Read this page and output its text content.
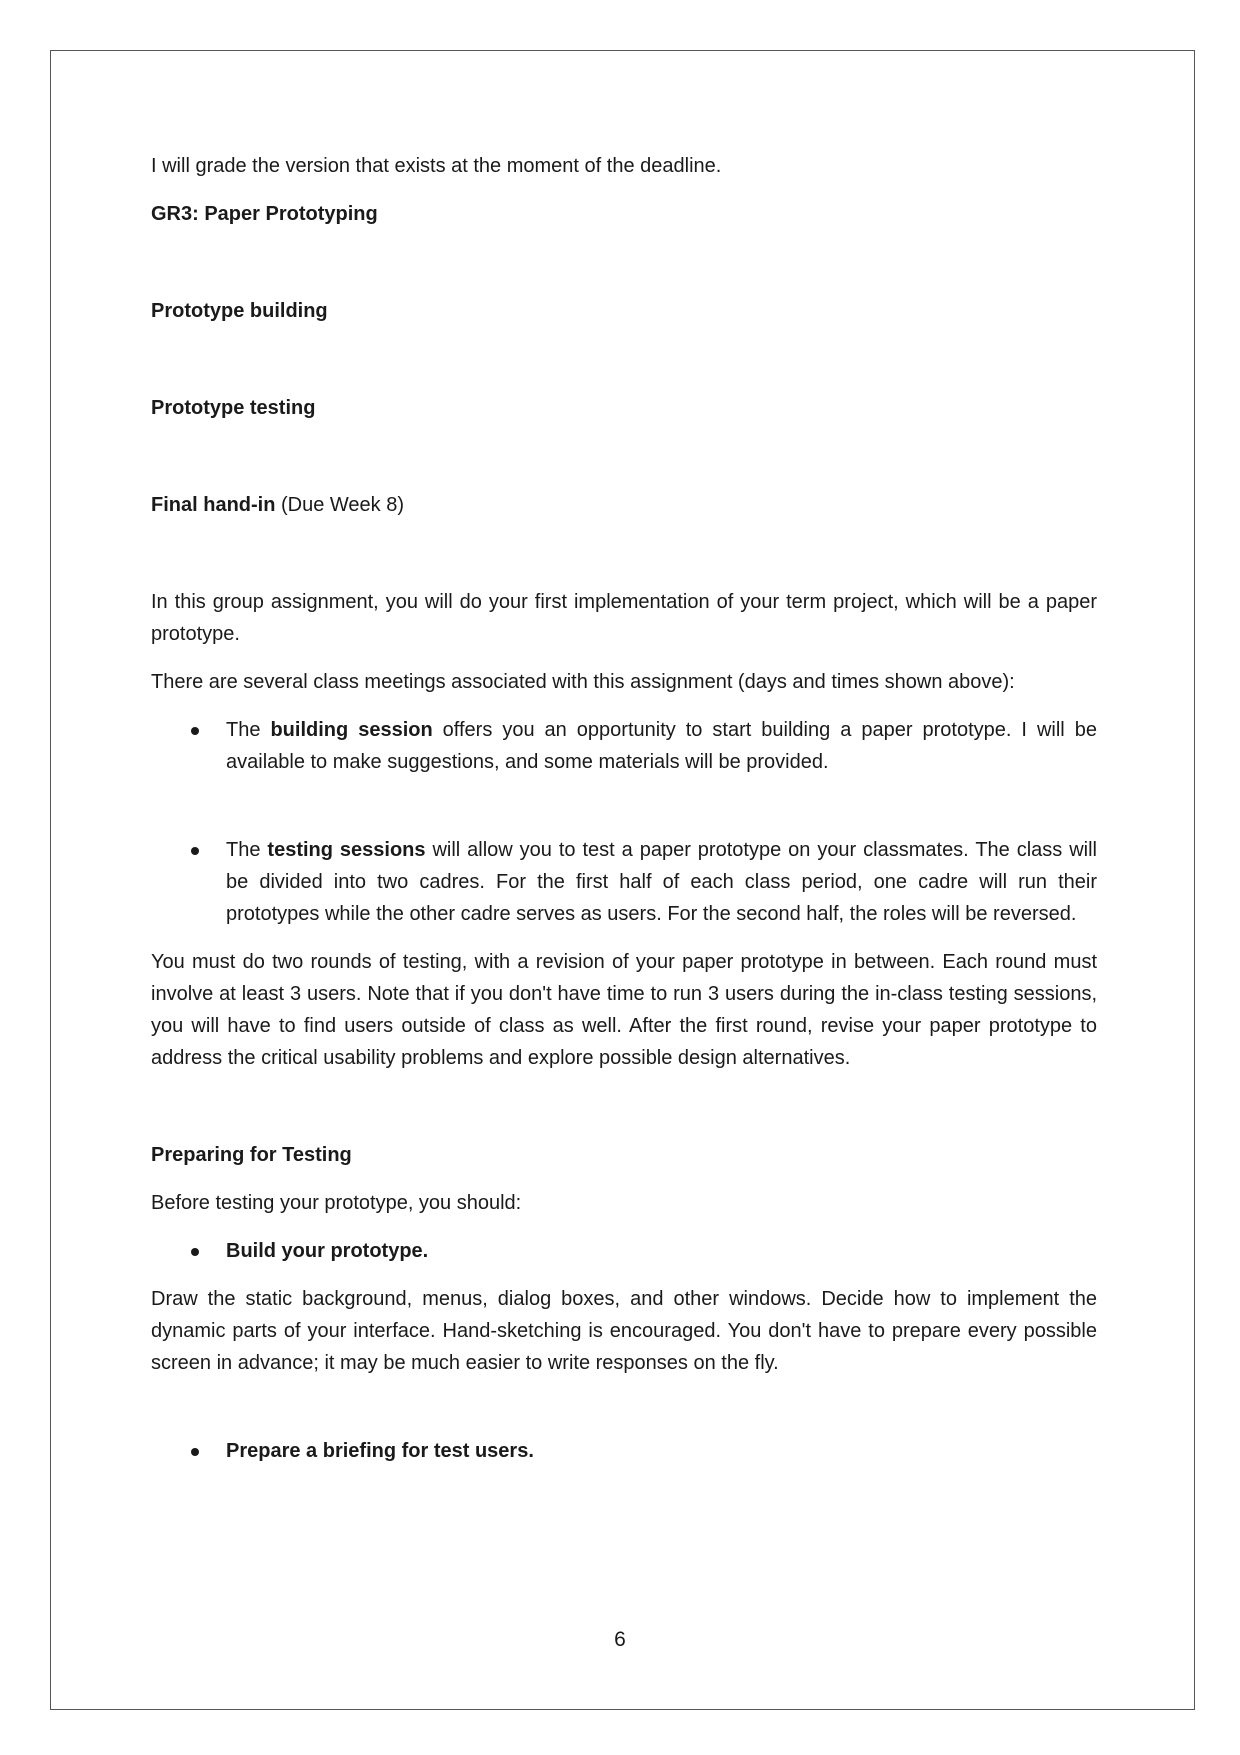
I will grade the version that exists at the moment of the deadline.

GR3: Paper Prototyping

Prototype building

Prototype testing

Final hand-in (Due Week 8)

In this group assignment, you will do your first implementation of your term project, which will be a paper prototype.

There are several class meetings associated with this assignment (days and times shown above):

The building session offers you an opportunity to start building a paper prototype. I will be available to make suggestions, and some materials will be provided.
The testing sessions will allow you to test a paper prototype on your classmates. The class will be divided into two cadres. For the first half of each class period, one cadre will run their prototypes while the other cadre serves as users. For the second half, the roles will be reversed.

You must do two rounds of testing, with a revision of your paper prototype in between. Each round must involve at least 3 users. Note that if you don't have time to run 3 users during the in-class testing sessions, you will have to find users outside of class as well. After the first round, revise your paper prototype to address the critical usability problems and explore possible design alternatives.

Preparing for Testing

Before testing your prototype, you should:

Build your prototype.

Draw the static background, menus, dialog boxes, and other windows. Decide how to implement the dynamic parts of your interface. Hand-sketching is encouraged. You don't have to prepare every possible screen in advance; it may be much easier to write responses on the fly.

Prepare a briefing for test users.
6
